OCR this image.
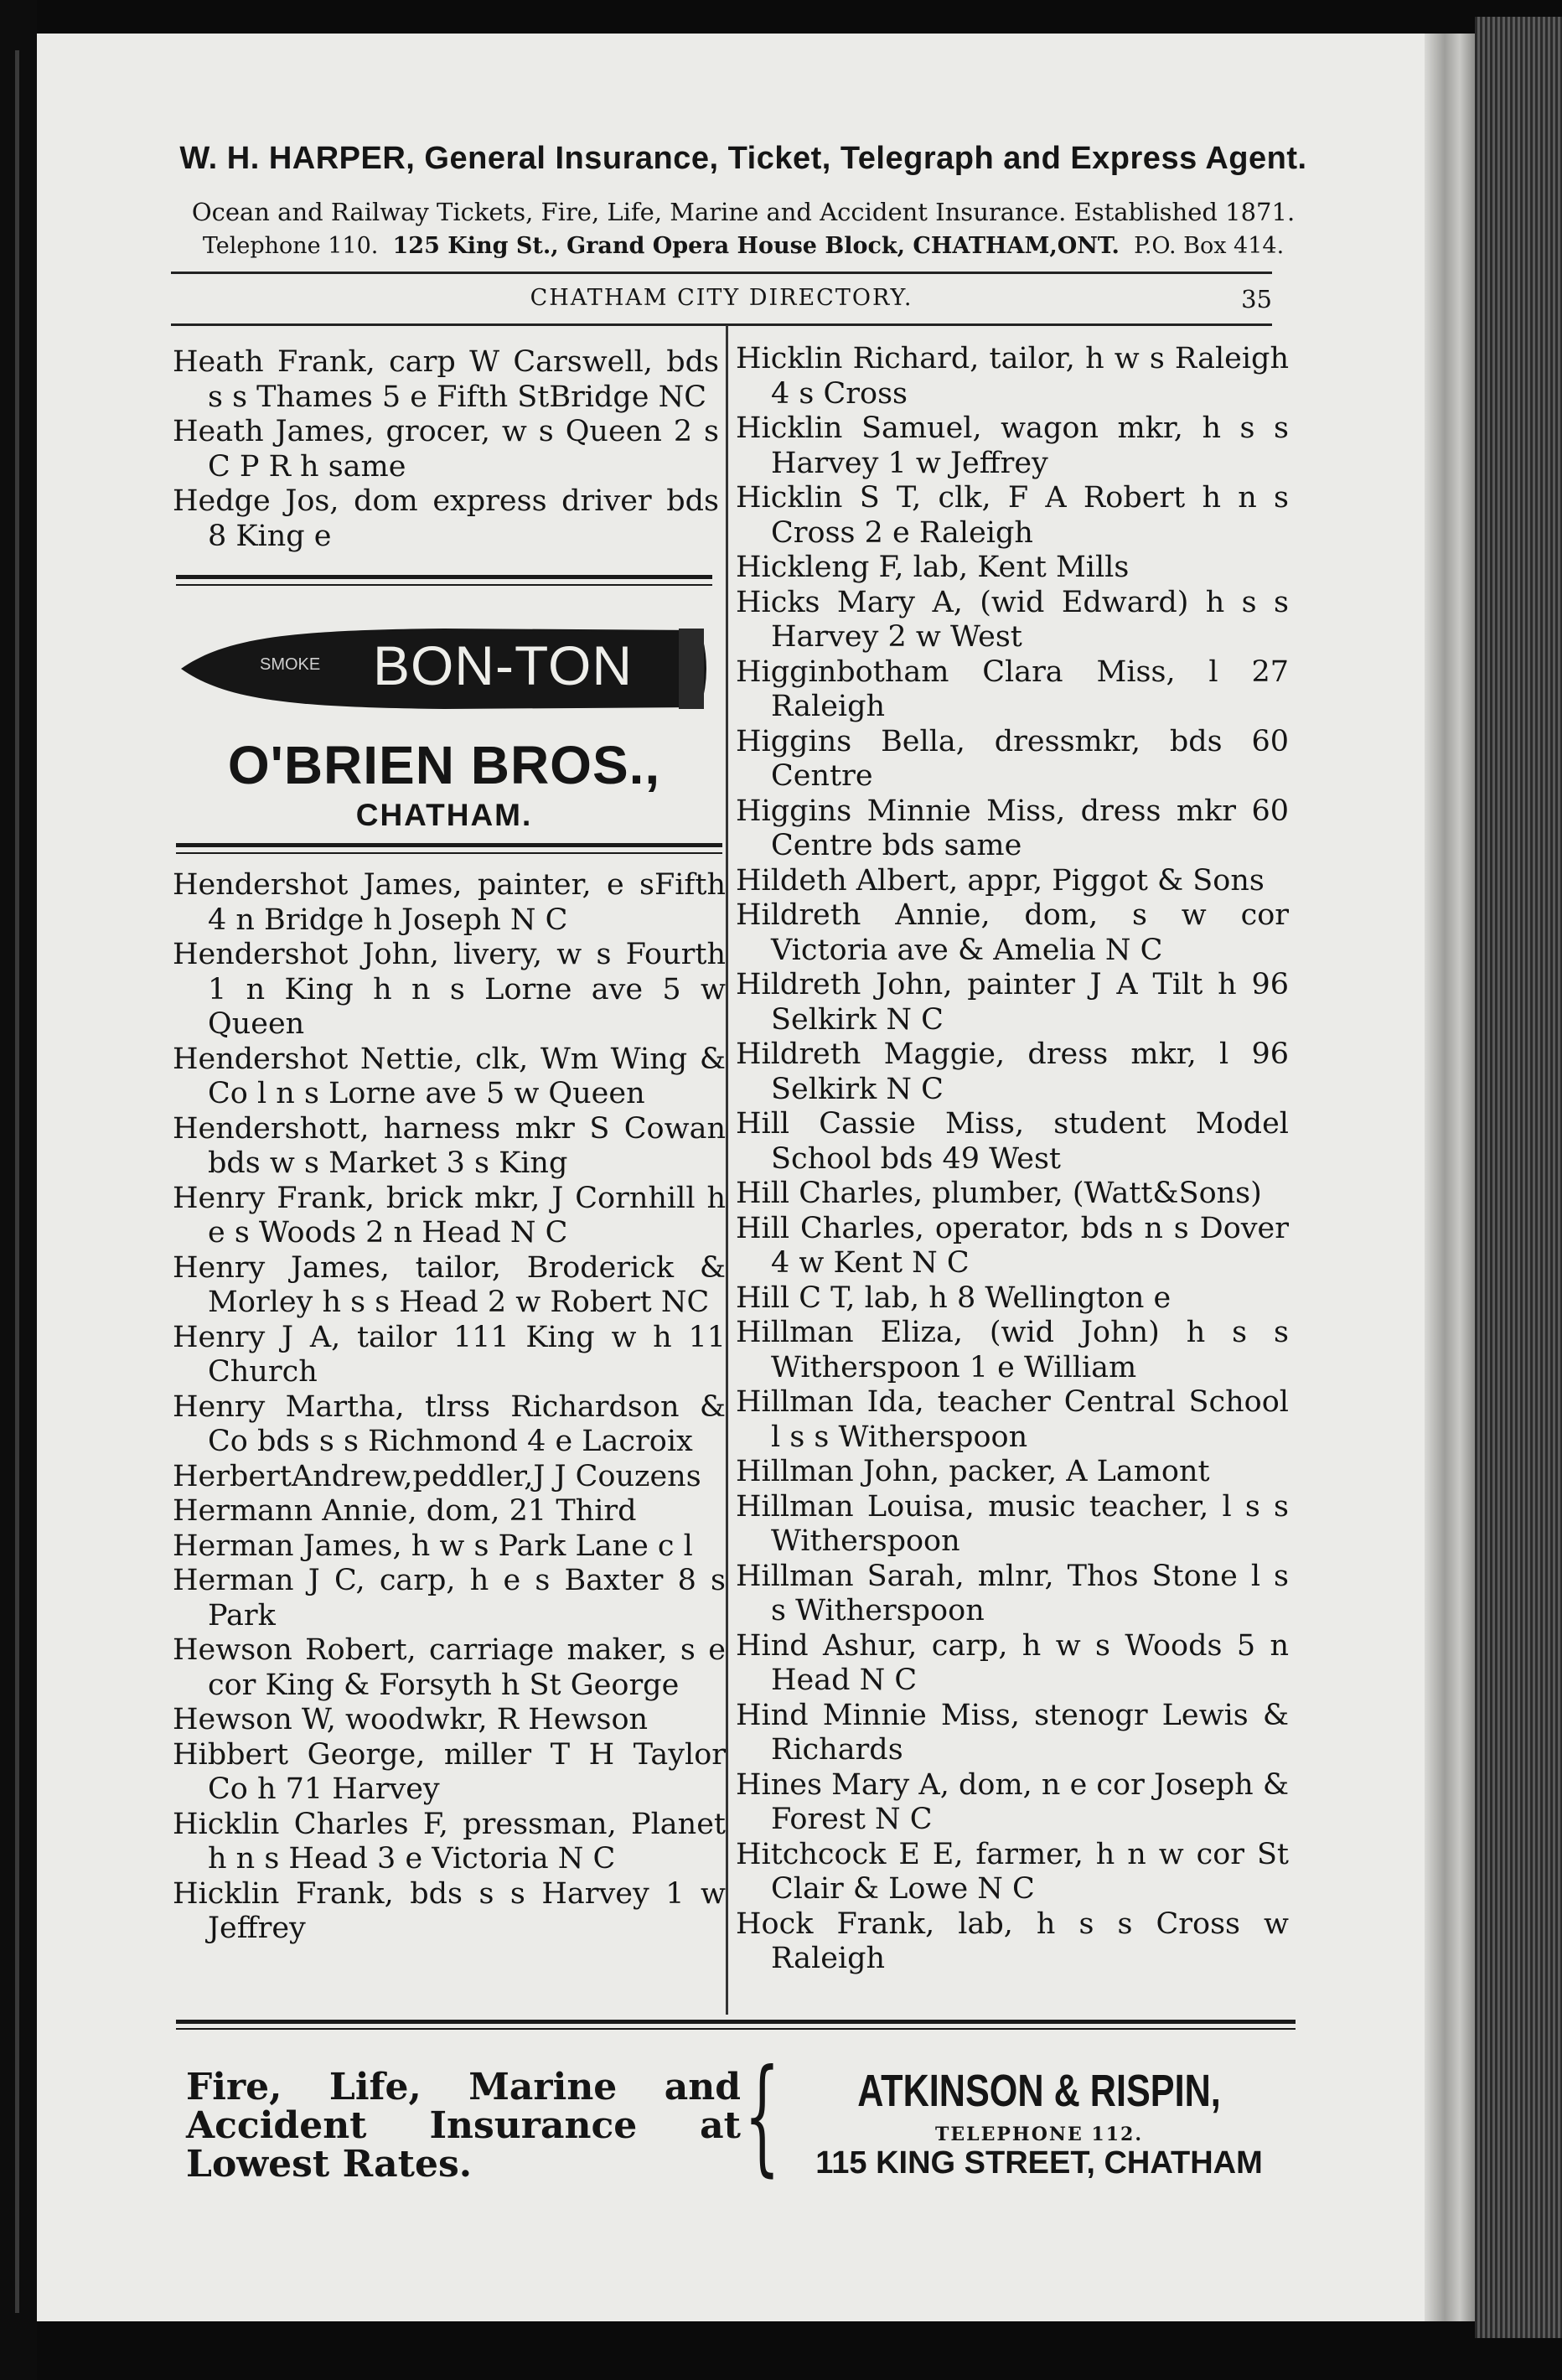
W. H. HARPER, General Insurance, Ticket, Telegraph and Express Agent.
Ocean and Railway Tickets, Fire, Life, Marine and Accident Insurance. Established 1871.
Telephone 110. 125 King St., Grand Opera House Block, CHATHAM,ONT. P.O. Box 414.
CHATHAM CITY DIRECTORY.	35

Heath Frank, carp W Carswell, bds s s Thames 5 e Fifth StBridge NC

Heath James, grocer, w s Queen 2 s C P R h same

Hedge Jos, dom express driver bds 8 King e

SMOKE BON-TON
O'BRIEN BROS.,
CHATHAM.

Hendershot James, painter, e sFifth 4 n Bridge h Joseph N C

Hendershot John, livery, w s Fourth 1 n King h n s Lorne ave 5 w Queen

Hendershot Nettie, clk, Wm Wing & Co l n s Lorne ave 5 w Queen

Hendershott, harness mkr S Cowan bds w s Market 3 s King

Henry Frank, brick mkr, J Cornhill h e s Woods 2 n Head N C

Henry James, tailor, Broderick & Morley h s s Head 2 w Robert NC

Henry J A, tailor 111 King w h 11 Church

Henry Martha, tlrss Richardson & Co bds s s Richmond 4 e Lacroix

HerbertAndrew,peddler,J J Couzens

Hermann Annie, dom, 21 Third

Herman James, h w s Park Lane c l

Herman J C, carp, h e s Baxter 8 s Park

Hewson Robert, carriage maker, s e cor King & Forsyth h St George

Hewson W, woodwkr, R Hewson

Hibbert George, miller T H Taylor Co h 71 Harvey

Hicklin Charles F, pressman, Planet h n s Head 3 e Victoria N C

Hicklin Frank, bds s s Harvey 1 w Jeffrey

Hicklin Richard, tailor, h w s Raleigh 4 s Cross

Hicklin Samuel, wagon mkr, h s s Harvey 1 w Jeffrey

Hicklin S T, clk, F A Robert h n s Cross 2 e Raleigh

Hickleng F, lab, Kent Mills

Hicks Mary A, (wid Edward) h s s Harvey 2 w West

Higginbotham Clara Miss, l 27 Raleigh

Higgins Bella, dressmkr, bds 60 Centre

Higgins Minnie Miss, dress mkr 60 Centre bds same

Hildeth Albert, appr, Piggot & Sons

Hildreth Annie, dom, s w cor Victoria ave & Amelia N C

Hildreth John, painter J A Tilt h 96 Selkirk N C

Hildreth Maggie, dress mkr, l 96 Selkirk N C

Hill Cassie Miss, student Model School bds 49 West

Hill Charles, plumber, (Watt&Sons)

Hill Charles, operator, bds n s Dover 4 w Kent N C

Hill C T, lab, h 8 Wellington e

Hillman Eliza, (wid John) h s s Witherspoon 1 e William

Hillman Ida, teacher Central School l s s Witherspoon

Hillman John, packer, A Lamont

Hillman Louisa, music teacher, l s s Witherspoon

Hillman Sarah, mlnr, Thos Stone l s s Witherspoon

Hind Ashur, carp, h w s Woods 5 n Head N C

Hind Minnie Miss, stenogr Lewis & Richards

Hines Mary A, dom, n e cor Joseph & Forest N C

Hitchcock E E, farmer, h n w cor St Clair & Lowe N C

Hock Frank, lab, h s s Cross w Raleigh

Fire, Life, Marine and Accident Insurance at Lowest Rates.	{	ATKINSON & RISPIN,
TELEPHONE 112.
115 KING STREET, CHATHAM
